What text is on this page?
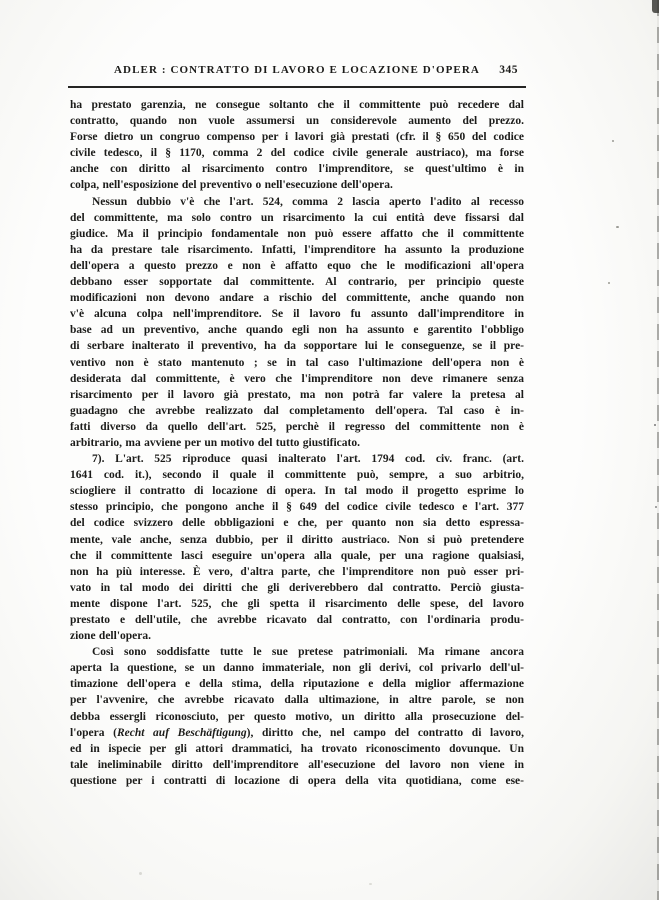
ADLER : CONTRATTO DI LAVORO E LOCAZIONE D'OPERA	345
ha prestato garenzia, ne consegue soltanto che il committente può recedere dal
contratto, quando non vuole assumersi un considerevole aumento del prezzo.
Forse dietro un congruo compenso per i lavori già prestati (cfr. il § 650 del codice
civile tedesco, il § 1170, comma 2 del codice civile generale austriaco), ma forse
anche con diritto al risarcimento contro l'imprenditore, se quest'ultimo è in
colpa, nell'esposizione del preventivo o nell'esecuzione dell'opera.
Nessun dubbio v'è che l'art. 524, comma 2 lascia aperto l'adito al recesso
del committente, ma solo contro un risarcimento la cui entità deve fissarsi dal
giudice. Ma il principio fondamentale non può essere affatto che il committente
ha da prestare tale risarcimento. Infatti, l'imprenditore ha assunto la produzione
dell'opera a questo prezzo e non è affatto equo che le modificazioni all'opera
debbano esser sopportate dal committente. Al contrario, per principio queste
modificazioni non devono andare a rischio del committente, anche quando non
v'è alcuna colpa nell'imprenditore. Se il lavoro fu assunto dall'imprenditore in
base ad un preventivo, anche quando egli non ha assunto e garentito l'obbligo
di serbare inalterato il preventivo, ha da sopportare lui le conseguenze, se il pre-
ventivo non è stato mantenuto ; se in tal caso l'ultimazione dell'opera non è
desiderata dal committente, è vero che l'imprenditore non deve rimanere senza
risarcimento per il lavoro già prestato, ma non potrà far valere la pretesa al
guadagno che avrebbe realizzato dal completamento dell'opera. Tal caso è in-
fatti diverso da quello dell'art. 525, perchè il regresso del committente non è
arbitrario, ma avviene per un motivo del tutto giustificato.
7). L'art. 525 riproduce quasi inalterato l'art. 1794 cod. civ. franc. (art.
1641 cod. it.), secondo il quale il committente può, sempre, a suo arbitrio,
sciogliere il contratto di locazione di opera. In tal modo il progetto esprime lo
stesso principio, che pongono anche il § 649 del codice civile tedesco e l'art. 377
del codice svizzero delle obbligazioni e che, per quanto non sia detto espressa-
mente, vale anche, senza dubbio, per il diritto austriaco. Non si può pretendere
che il committente lasci eseguire un'opera alla quale, per una ragione qualsiasi,
non ha più interesse. È vero, d'altra parte, che l'imprenditore non può esser pri-
vato in tal modo dei diritti che gli deriverebbero dal contratto. Perciò giusta-
mente dispone l'art. 525, che gli spetta il risarcimento delle spese, del lavoro
prestato e dell'utile, che avrebbe ricavato dal contratto, con l'ordinaria produ-
zione dell'opera.
Così sono soddisfatte tutte le sue pretese patrimoniali. Ma rimane ancora
aperta la questione, se un danno immateriale, non gli derivi, col privarlo dell'ul-
timazione dell'opera e della stima, della riputazione e della miglior affermazione
per l'avvenire, che avrebbe ricavato dalla ultimazione, in altre parole, se non
debba essergli riconosciuto, per questo motivo, un diritto alla prosecuzione del-
l'opera (Recht auf Beschäftigung), diritto che, nel campo del contratto di lavoro,
ed in ispecie per gli attori drammatici, ha trovato riconoscimento dovunque. Un
tale ineliminabile diritto dell'imprenditore all'esecuzione del lavoro non viene in
questione per i contratti di locazione di opera della vita quotidiana, come ese-
